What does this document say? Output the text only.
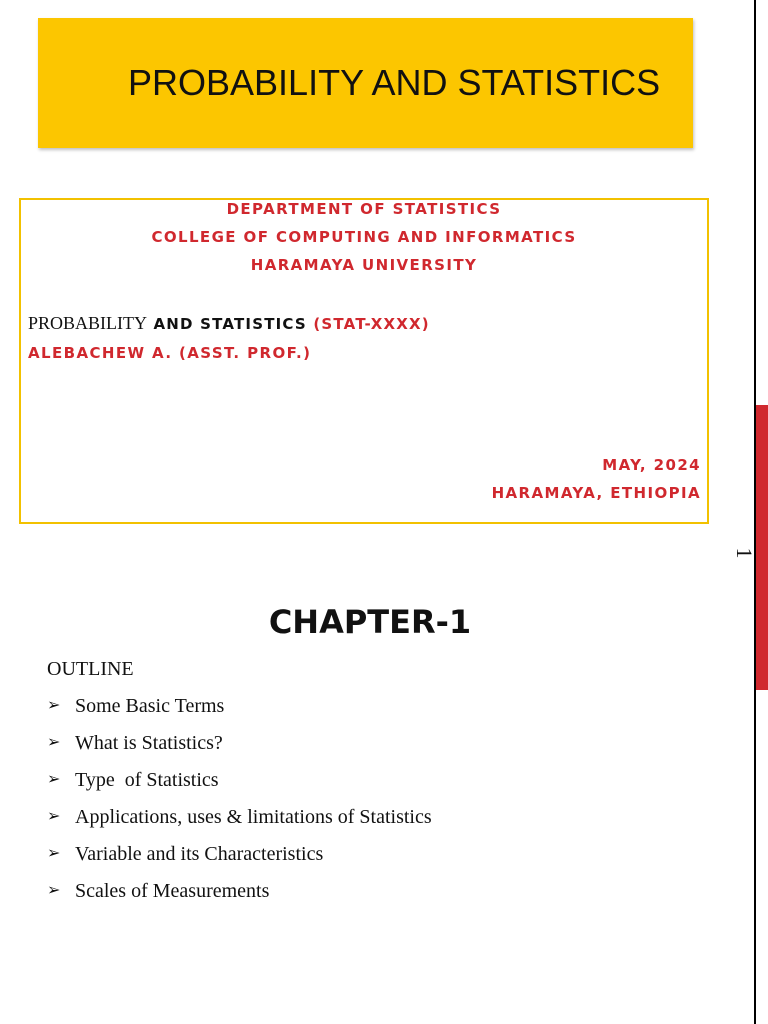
PROBABILITY AND STATISTICS
DEPARTMENT OF STATISTICS
COLLEGE OF COMPUTING AND INFORMATICS
HARAMAYA UNIVERSITY
PROBABILITY AND STATISTICS (STAT-XXXX)
ALEBACHEW A. (ASST. PROF.)
MAY, 2024
HARAMAYA, ETHIOPIA
1
CHAPTER-1
OUTLINE
➢ Some Basic Terms
➢ What is Statistics?
➢ Type  of Statistics
➢ Applications, uses & limitations of Statistics
➢ Variable and its Characteristics
➢ Scales of Measurements
